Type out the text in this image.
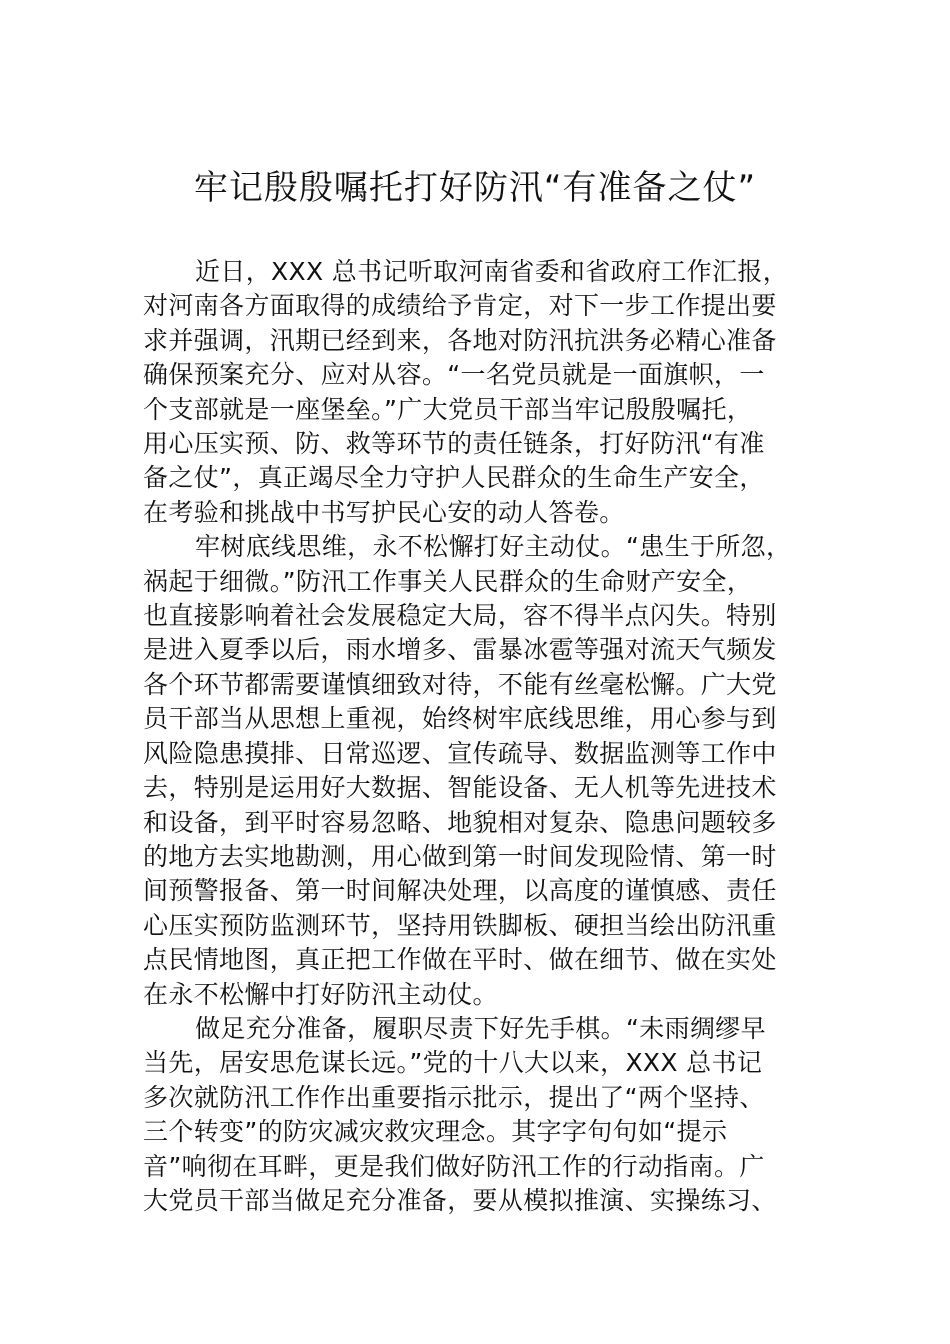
牢记殷殷嘱托打好防汛“有准备之仗”
近日，XXX 总书记听取河南省委和省政府工作汇报，
对河南各方面取得的成绩给予肯定，对下一步工作提出要
求并强调，汛期已经到来，各地对防汛抗洪务必精心准备
确保预案充分、应对从容。“一名党员就是一面旗帜，一
个支部就是一座堡垒。”广大党员干部当牢记殷殷嘱托，
用心压实预、防、救等环节的责任链条，打好防汛“有准
备之仗”，真正竭尽全力守护人民群众的生命生产安全，
在考验和挑战中书写护民心安的动人答卷。
牢树底线思维，永不松懈打好主动仗。“患生于所忽，
祸起于细微。”防汛工作事关人民群众的生命财产安全，
也直接影响着社会发展稳定大局，容不得半点闪失。特别
是进入夏季以后，雨水增多、雷暴冰雹等强对流天气频发
各个环节都需要谨慎细致对待，不能有丝毫松懈。广大党
员干部当从思想上重视，始终树牢底线思维，用心参与到
风险隐患摸排、日常巡逻、宣传疏导、数据监测等工作中
去，特别是运用好大数据、智能设备、无人机等先进技术
和设备，到平时容易忽略、地貌相对复杂、隐患问题较多
的地方去实地勘测，用心做到第一时间发现险情、第一时
间预警报备、第一时间解决处理，以高度的谨慎感、责任
心压实预防监测环节，坚持用铁脚板、硬担当绘出防汛重
点民情地图，真正把工作做在平时、做在细节、做在实处
在永不松懈中打好防汛主动仗。
做足充分准备，履职尽责下好先手棋。“未雨绸缪早
当先，居安思危谋长远。”党的十八大以来，XXX 总书记
多次就防汛工作作出重要指示批示，提出了“两个坚持、
三个转变”的防灾减灾救灾理念。其字字句句如“提示
音”响彻在耳畔，更是我们做好防汛工作的行动指南。广
大党员干部当做足充分准备，要从模拟推演、实操练习、
